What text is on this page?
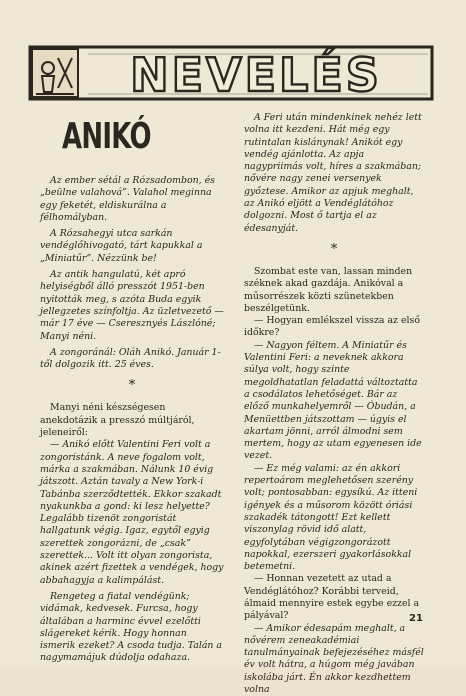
NEVELÉS
ANIKÓ

Az ember sétál a Rózsadombon, és „beülne valahová”. Valahol meginna egy feketét, eldiskurálna a félhomályban.

A Rózsahegyi utca sarkán vendéglőhivogató, tárt kapukkal a „Miniatűr”. Nézzünk be!

Az antik hangulatú, két apró helyiségből álló presszót 1951-ben nyitották meg, s azóta Buda egyik jellegzetes színfoltja. Az üzletvezető — már 17 éve — Cseresznyés Lászlóné; Manyi néni.

A zongoránál: Oláh Anikó. Január 1-től dolgozik itt. 25 éves.

*

Manyi néni készségesen anekdotázik a presszó múltjáról, jeleneiről:

— Anikó előtt Valentini Feri volt a zongoristánk. A neve fogalom volt, márka a szakmában. Nálunk 10 évig játszott. Aztán tavaly a New York-i Tabánba szerződtették. Ekkor szakadt nyakunkba a gond: ki lesz helyette? Legalább tizenöt zongoristát hallgatunk végig. Igaz, egytől egyig szerettek zongorázni, de „csak” szerettek... Volt itt olyan zongorista, akinek azért fizettek a vendégek, hogy abbahagyja a kalimpálást.

Rengeteg a fiatal vendégünk; vidámak, kedvesek. Furcsa, hogy általában a harminc évvel ezelőtti slágereket kérik. Hogy honnan ismerik ezeket? A csoda tudja. Talán a nagymamájuk dúdolja odahaza.

A Feri után mindenkinek nehéz lett volna itt kezdeni. Hát még egy rutintalan kislánynak! Anikót egy vendég ajánlotta. Az apja nagypriimás volt, híres a szakmában; nővére nagy zenei versenyek győztese. Amikor az apjuk meghalt, az Anikó eljött a Vendéglátóhoz dolgozni. Most ő tartja el az édesanyját.

*

Szombat este van, lassan minden széknek akad gazdája. Anikóval a műsorrészek közti szünetekben beszélgetünk.

— Hogyan emlékszel vissza az első időkre?

— Nagyon féltem. A Miniatűr és Valentini Feri: a neveknek akkora súlya volt, hogy szinte megoldhatatlan feladattá változtatta a csodálatos lehetőséget. Bár az előző munkahelyemről — Óbudán, a Menüettben játszottam — úgyis el akartam jönni, arról álmodni sem mertem, hogy az utam egyenesen ide vezet.

— Ez még valami: az én akkori repertoárom meglehetősen szerény volt; pontosabban: egysíkú. Az itteni igények és a műsorom között óriási szakadék tátongott! Ezt kellett viszonylag rövid idő alatt, egyfolytában végigzongorázott napokkal, ezerszeri gyakorlásokkal betemetni.

— Honnan vezetett az utad a Vendéglátóhoz? Korábbi terveid, álmaid mennyire estek egybe ezzel a pályával?

— Amikor édesapám meghalt, a nővérem zeneakadémiai tanulmányainak befejezéséhez másfél év volt hátra, a húgom még javában iskolába járt. Én akkor kezdhettem volna

21
